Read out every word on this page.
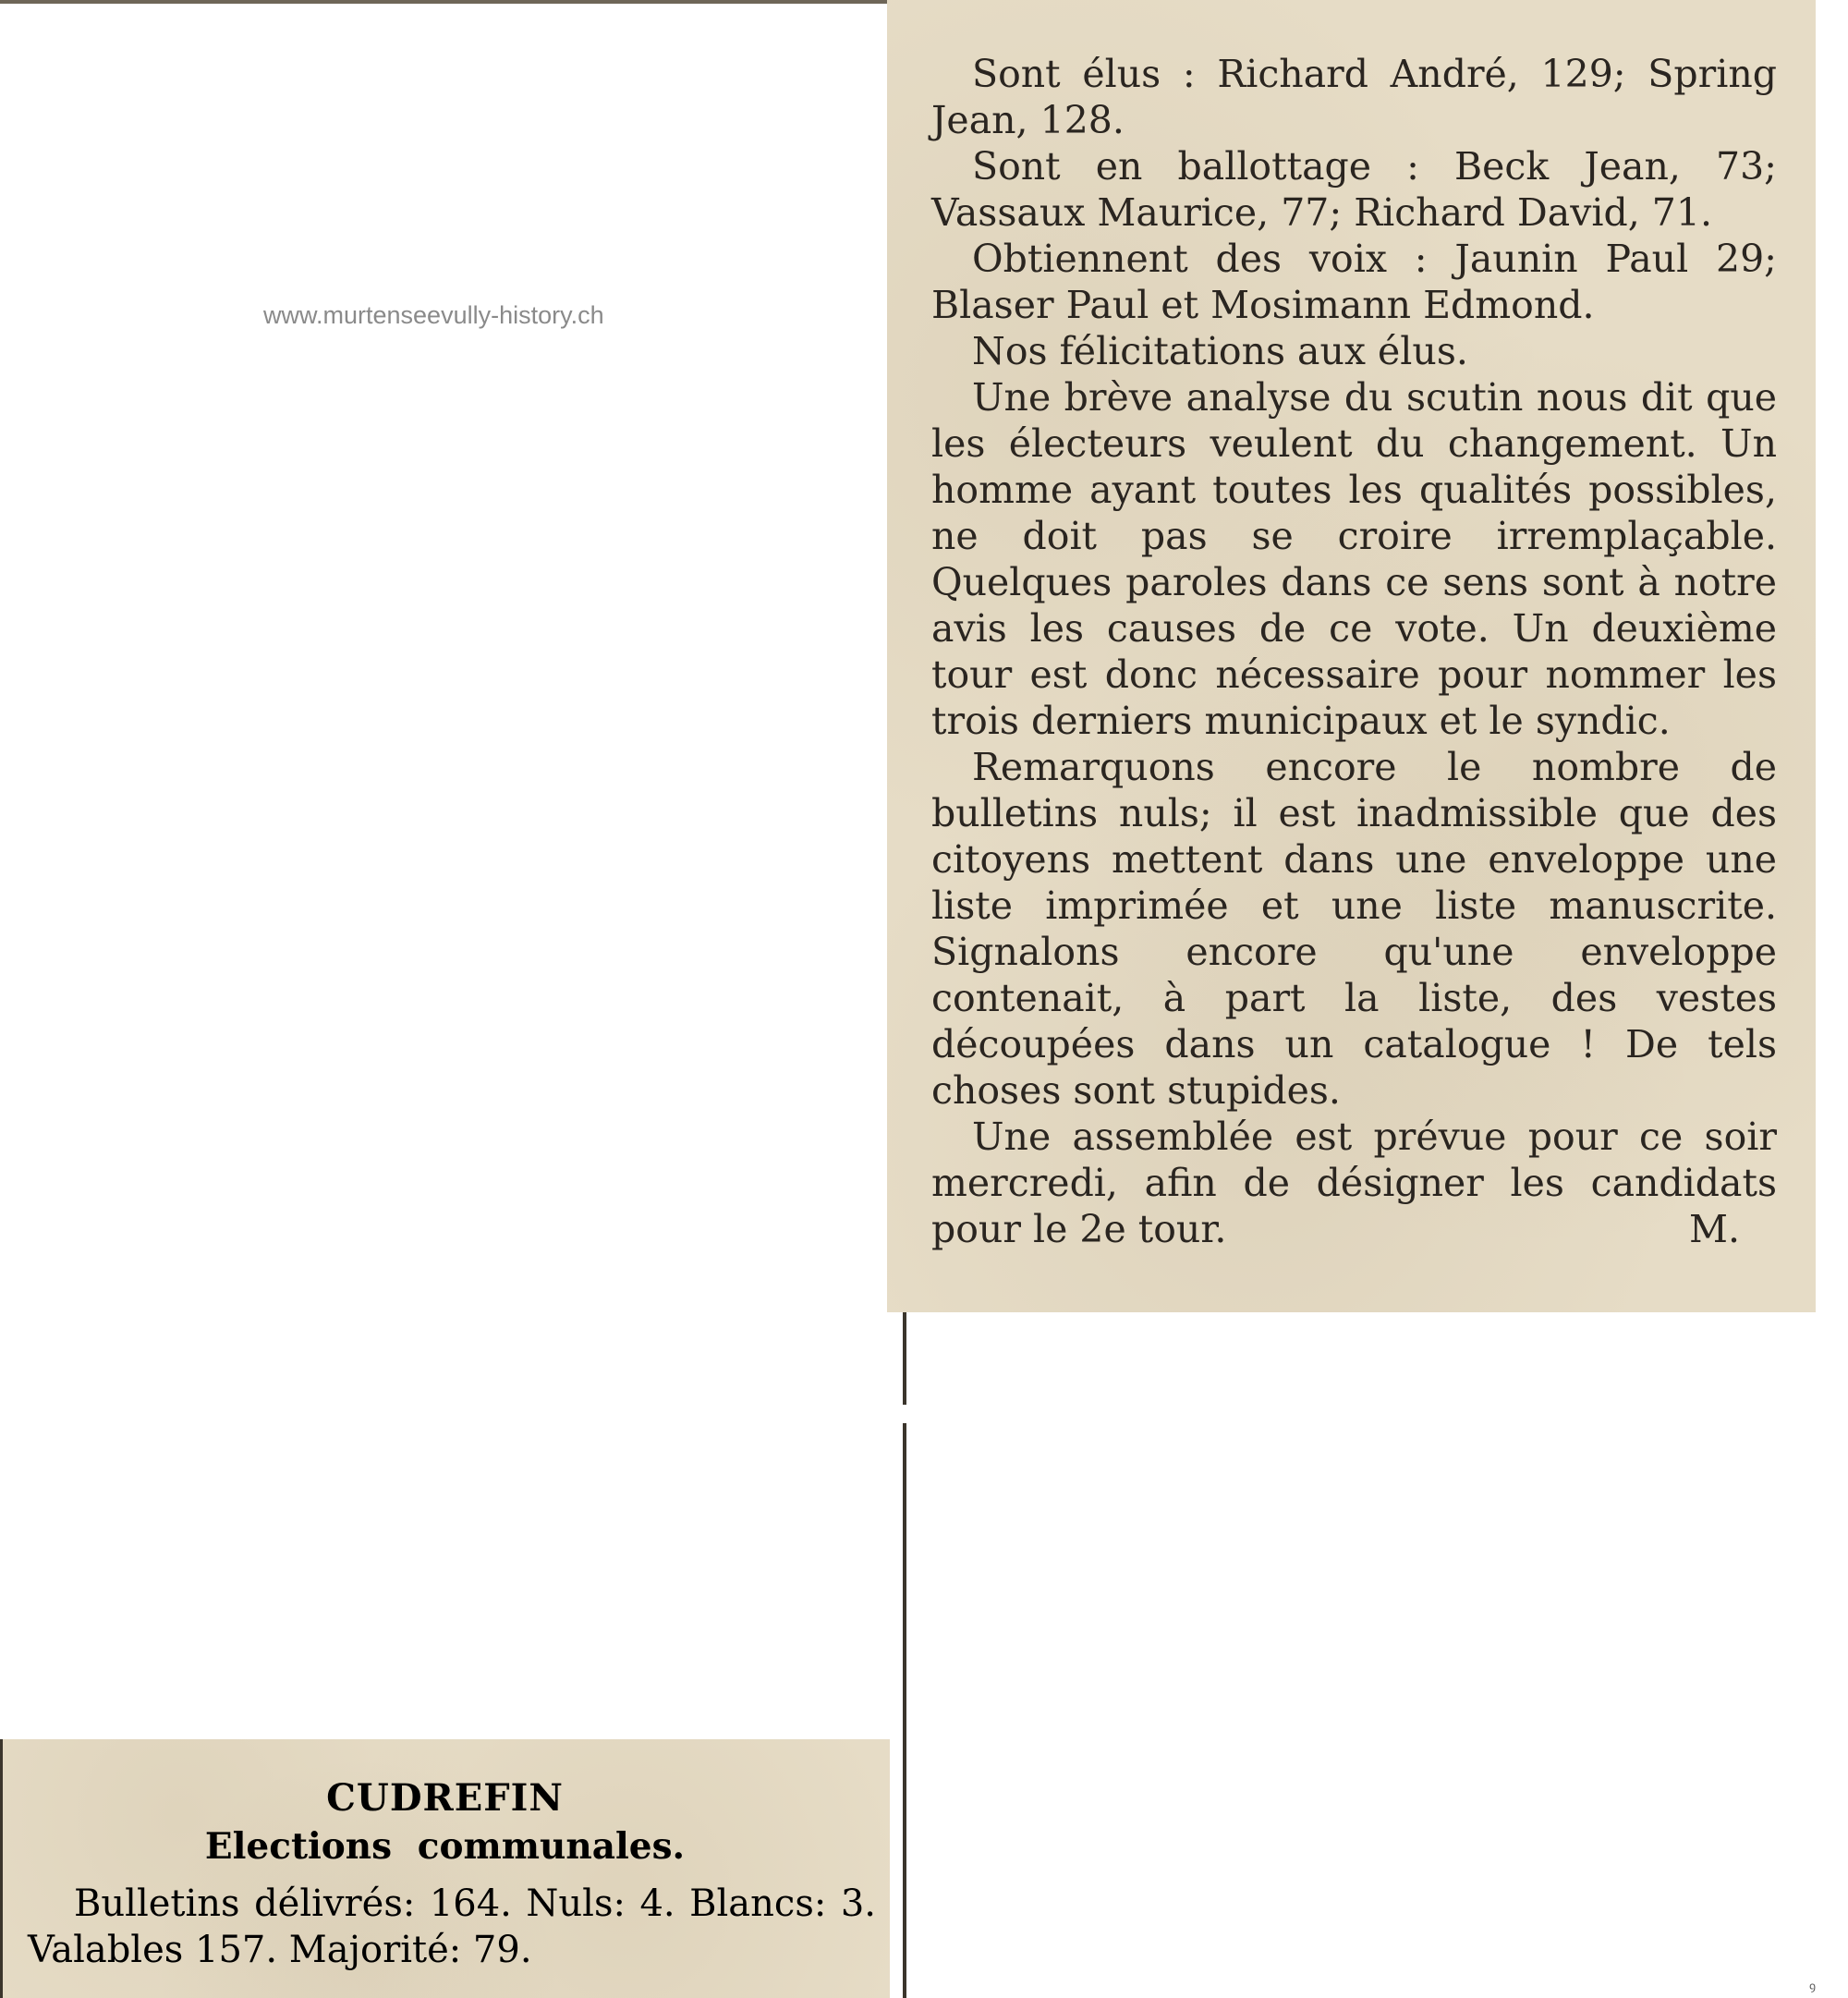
www.murtenseevully-history.ch

Sont élus : Richard André, 129; Spring Jean, 128.

Sont en ballottage : Beck Jean, 73; Vassaux Maurice, 77; Richard David, 71.

Obtiennent des voix : Jaunin Paul 29; Blaser Paul et Mosimann Edmond.

Nos félicitations aux élus.

Une brève analyse du scutin nous dit que les électeurs veulent du changement. Un homme ayant toutes les qualités possibles, ne doit pas se croire irremplaçable. Quelques paroles dans ce sens sont à notre avis les causes de ce vote. Un deuxième tour est donc nécessaire pour nommer les trois derniers municipaux et le syndic.

Remarquons encore le nombre de bulletins nuls; il est inadmissible que des citoyens mettent dans une enveloppe une liste imprimée et une liste manuscrite. Signalons encore qu'une enveloppe contenait, à part la liste, des vestes découpées dans un catalogue ! De tels choses sont stupides.

Une assemblée est prévue pour ce soir mercredi, afin de désigner les candidats pour le 2e tour.	M.

CUDREFIN
Elections communales.

Bulletins délivrés: 164. Nuls: 4. Blancs: 3. Valables 157. Majorité: 79.

ꝯ
